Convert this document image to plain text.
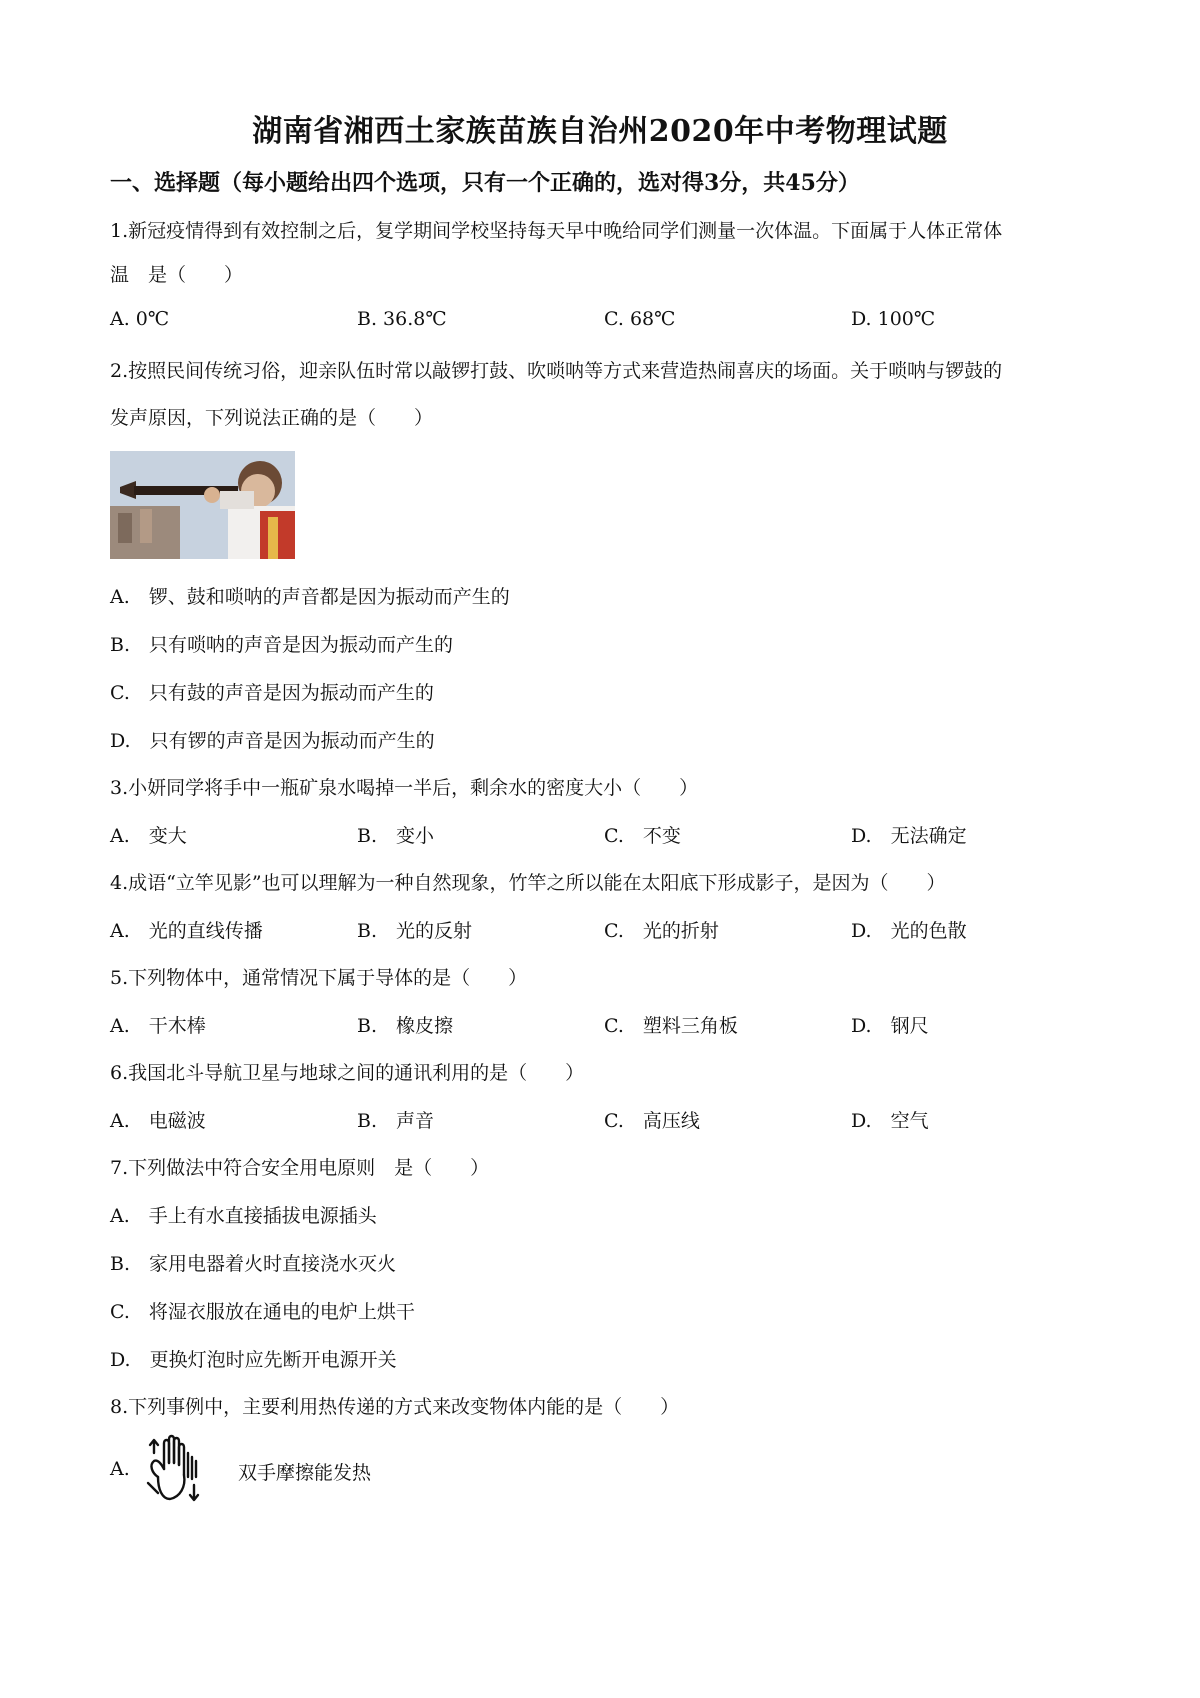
湖南省湘西土家族苗族自治州2020年中考物理试题
一、选择题（每小题给出四个选项，只有一个正确的，选对得3分，共45分）
1.新冠疫情得到有效控制之后，复学期间学校坚持每天早中晚给同学们测量一次体温。下面属于人体正常体
温　是（　　）
A. 0℃	B. 36.8℃	C. 68℃	D. 100℃
2.按照民间传统习俗，迎亲队伍时常以敲锣打鼓、吹唢呐等方式来营造热闹喜庆的场面。关于唢呐与锣鼓的
发声原因，下列说法正确的是（　　）
A.　锣、鼓和唢呐的声音都是因为振动而产生的
B.　只有唢呐的声音是因为振动而产生的
C.　只有鼓的声音是因为振动而产生的
D.　只有锣的声音是因为振动而产生的
3.小妍同学将手中一瓶矿泉水喝掉一半后，剩余水的密度大小（　　）
A.　变大	B.　变小	C.　不变	D.　无法确定
4.成语“立竿见影”也可以理解为一种自然现象，竹竿之所以能在太阳底下形成影子，是因为（　　）
A.　光的直线传播	B.　光的反射	C.　光的折射	D.　光的色散
5.下列物体中，通常情况下属于导体的是（　　）
A.　干木棒	B.　橡皮擦	C.　塑料三角板	D.　钢尺
6.我国北斗导航卫星与地球之间的通讯利用的是（　　）
A.　电磁波	B.　声音	C.　高压线	D.　空气
7.下列做法中符合安全用电原则　是（　　）
A.　手上有水直接插拔电源插头
B.　家用电器着火时直接浇水灭火
C.　将湿衣服放在通电的电炉上烘干
D.　更换灯泡时应先断开电源开关
8.下列事例中，主要利用热传递的方式来改变物体内能的是（　　）
A.	双手摩擦能发热
